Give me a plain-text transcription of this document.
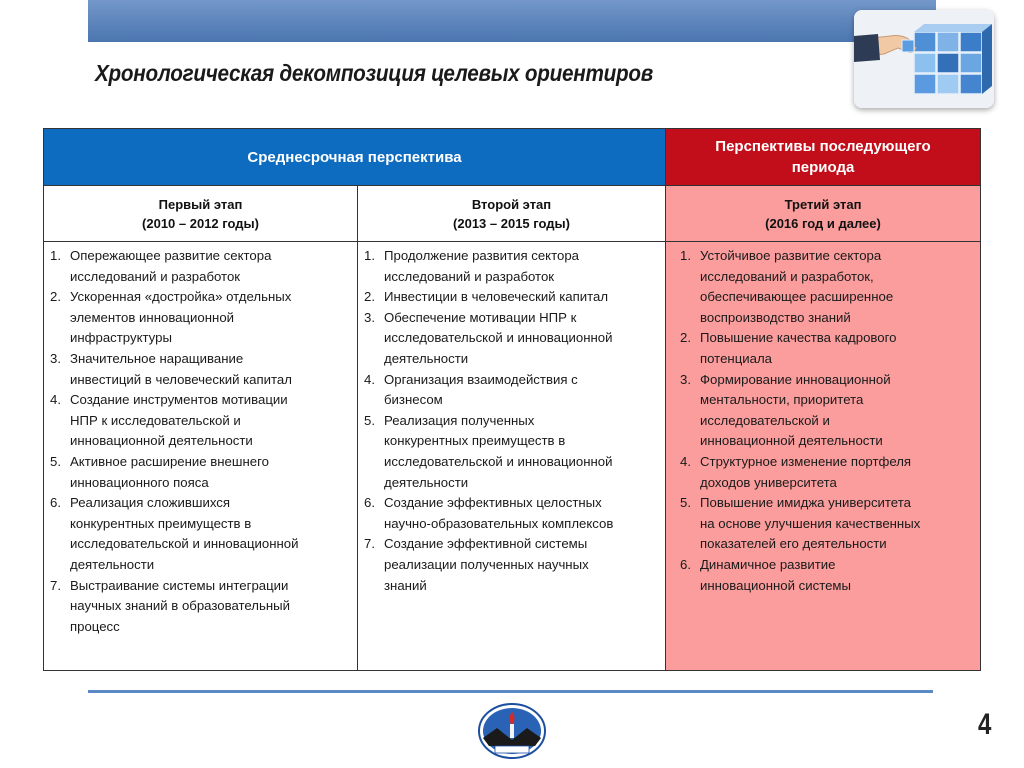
Хронологическая декомпозиция целевых ориентиров
Среднесрочная перспектива
Перспективы последующего
периода
Первый этап
(2010 – 2012 годы)
Второй этап
(2013 – 2015 годы)
Третий этап
(2016 год и далее)
1. Опережающее развитие сектора
исследований и разработок
2. Ускоренная «достройка» отдельных
элементов инновационной
инфраструктуры
3. Значительное наращивание
инвестиций в человеческий капитал
4. Создание инструментов мотивации
НПР к исследовательской и
инновационной деятельности
5. Активное расширение внешнего
инновационного пояса
6. Реализация сложившихся
конкурентных преимуществ в
исследовательской и инновационной
деятельности
7. Выстраивание системы интеграции
научных знаний в образовательный
процесс
1. Продолжение развития сектора
исследований и разработок
2. Инвестиции в человеческий капитал
3. Обеспечение мотивации НПР к
исследовательской и инновационной
деятельности
4. Организация взаимодействия с
бизнесом
5. Реализация полученных
конкурентных преимуществ в
исследовательской и инновационной
деятельности
6. Создание эффективных целостных
научно-образовательных комплексов
7. Создание эффективной системы
реализации полученных научных
знаний
1. Устойчивое развитие сектора
исследований и разработок,
обеспечивающее расширенное
воспроизводство знаний
2. Повышение качества кадрового
потенциала
3. Формирование инновационной
ментальности, приоритета
исследовательской и
инновационной деятельности
4. Структурное изменение портфеля
доходов университета
5. Повышение имиджа университета
на основе улучшения качественных
показателей его деятельности
6. Динамичное развитие
инновационной системы
4
